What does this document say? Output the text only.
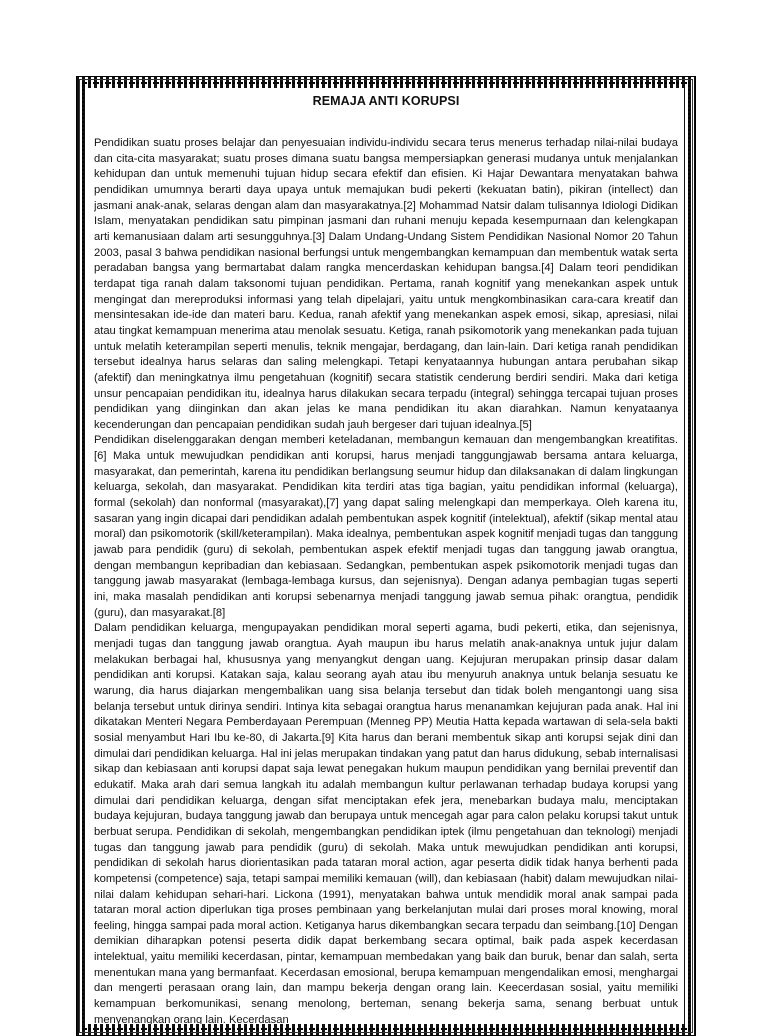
REMAJA ANTI KORUPSI

Pendidikan suatu proses belajar dan penyesuaian individu-individu secara terus menerus terhadap nilai-nilai budaya dan cita-cita masyarakat; suatu proses dimana suatu bangsa mempersiapkan generasi mudanya untuk menjalankan kehidupan dan untuk memenuhi tujuan hidup secara efektif dan efisien. Ki Hajar Dewantara menyatakan bahwa pendidikan umumnya berarti daya upaya untuk memajukan budi pekerti (kekuatan batin), pikiran (intellect) dan jasmani anak-anak, selaras dengan alam dan masyarakatnya.[2] Mohammad Natsir dalam tulisannya Idiologi Didikan Islam, menyatakan pendidikan satu pimpinan jasmani dan ruhani menuju kepada kesempurnaan dan kelengkapan arti kemanusiaan dalam arti sesungguhnya.[3] Dalam Undang-Undang Sistem Pendidikan Nasional Nomor 20 Tahun 2003, pasal 3 bahwa pendidikan nasional berfungsi untuk mengembangkan kemampuan dan membentuk watak serta peradaban bangsa yang bermartabat dalam rangka mencerdaskan kehidupan bangsa.[4] Dalam teori pendidikan terdapat tiga ranah dalam taksonomi tujuan pendidikan. Pertama, ranah kognitif yang menekankan aspek untuk mengingat dan mereproduksi informasi yang telah dipelajari, yaitu untuk mengkombinasikan cara-cara kreatif dan mensintesakan ide-ide dan materi baru. Kedua, ranah afektif yang menekankan aspek emosi, sikap, apresiasi, nilai atau tingkat kemampuan menerima atau menolak sesuatu. Ketiga, ranah psikomotorik yang menekankan pada tujuan untuk melatih keterampilan seperti menulis, teknik mengajar, berdagang, dan lain-lain. Dari ketiga ranah pendidikan tersebut idealnya harus selaras dan saling melengkapi. Tetapi kenyataannya hubungan antara perubahan sikap (afektif) dan meningkatnya ilmu pengetahuan (kognitif) secara statistik cenderung berdiri sendiri. Maka dari ketiga unsur pencapaian pendidikan itu, idealnya harus dilakukan secara terpadu (integral) sehingga tercapai tujuan proses pendidikan yang diinginkan dan akan jelas ke mana pendidikan itu akan diarahkan. Namun kenyataanya kecenderungan dan pencapaian pendidikan sudah jauh bergeser dari tujuan idealnya.[5]

Pendidikan diselenggarakan dengan memberi keteladanan, membangun kemauan dan mengembangkan kreatifitas.[6] Maka untuk mewujudkan pendidikan anti korupsi, harus menjadi tanggungjawab bersama antara keluarga, masyarakat, dan pemerintah, karena itu pendidikan berlangsung seumur hidup dan dilaksanakan di dalam lingkungan keluarga, sekolah, dan masyarakat. Pendidikan kita terdiri atas tiga bagian, yaitu pendidikan informal (keluarga), formal (sekolah) dan nonformal (masyarakat),[7] yang dapat saling melengkapi dan memperkaya. Oleh karena itu, sasaran yang ingin dicapai dari pendidikan adalah pembentukan aspek kognitif (intelektual), afektif (sikap mental atau moral) dan psikomotorik (skill/keterampilan). Maka idealnya, pembentukan aspek kognitif menjadi tugas dan tanggung jawab para pendidik (guru) di sekolah, pembentukan aspek efektif menjadi tugas dan tanggung jawab orangtua, dengan membangun kepribadian dan kebiasaan. Sedangkan, pembentukan aspek psikomotorik menjadi tugas dan tanggung jawab masyarakat (lembaga-lembaga kursus, dan sejenisnya). Dengan adanya pembagian tugas seperti ini, maka masalah pendidikan anti korupsi sebenarnya menjadi tanggung jawab semua pihak: orangtua, pendidik (guru), dan masyarakat.[8]

Dalam pendidikan keluarga, mengupayakan pendidikan moral seperti agama, budi pekerti, etika, dan sejenisnya, menjadi tugas dan tanggung jawab orangtua. Ayah maupun ibu harus melatih anak-anaknya untuk jujur dalam melakukan berbagai hal, khususnya yang menyangkut dengan uang. Kejujuran merupakan prinsip dasar dalam pendidikan anti korupsi. Katakan saja, kalau seorang ayah atau ibu menyuruh anaknya untuk belanja sesuatu ke warung, dia harus diajarkan mengembalikan uang sisa belanja tersebut dan tidak boleh mengantongi uang sisa belanja tersebut untuk dirinya sendiri. Intinya kita sebagai orangtua harus menanamkan kejujuran pada anak. Hal ini dikatakan Menteri Negara Pemberdayaan Perempuan (Menneg PP) Meutia Hatta kepada wartawan di sela-sela bakti sosial menyambut Hari Ibu ke-80, di Jakarta.[9] Kita harus dan berani membentuk sikap anti korupsi sejak dini dan dimulai dari pendidikan keluarga. Hal ini jelas merupakan tindakan yang patut dan harus didukung, sebab internalisasi sikap dan kebiasaan anti korupsi dapat saja lewat penegakan hukum maupun pendidikan yang bernilai preventif dan edukatif. Maka arah dari semua langkah itu adalah membangun kultur perlawanan terhadap budaya korupsi yang dimulai dari pendidikan keluarga, dengan sifat menciptakan efek jera, menebarkan budaya malu, menciptakan budaya kejujuran, budaya tanggung jawab dan berupaya untuk mencegah agar para calon pelaku korupsi takut untuk berbuat serupa. Pendidikan di sekolah, mengembangkan pendidikan iptek (ilmu pengetahuan dan teknologi) menjadi tugas dan tanggung jawab para pendidik (guru) di sekolah. Maka untuk mewujudkan pendidikan anti korupsi, pendidikan di sekolah harus diorientasikan pada tataran moral action, agar peserta didik tidak hanya berhenti pada kompetensi (competence) saja, tetapi sampai memiliki kemauan (will), dan kebiasaan (habit) dalam mewujudkan nilai-nilai dalam kehidupan sehari-hari. Lickona (1991), menyatakan bahwa untuk mendidik moral anak sampai pada tataran moral action diperlukan tiga proses pembinaan yang berkelanjutan mulai dari proses moral knowing, moral feeling, hingga sampai pada moral action. Ketiganya harus dikembangkan secara terpadu dan seimbang.[10] Dengan demikian diharapkan potensi peserta didik dapat berkembang secara optimal, baik pada aspek kecerdasan intelektual, yaitu memiliki kecerdasan, pintar, kemampuan membedakan yang baik dan buruk, benar dan salah, serta menentukan mana yang bermanfaat. Kecerdasan emosional, berupa kemampuan mengendalikan emosi, menghargai dan mengerti perasaan orang lain, dan mampu bekerja dengan orang lain. Keecerdasan sosial, yaitu memiliki kemampuan berkomunikasi, senang menolong, berteman, senang bekerja sama, senang berbuat untuk menyenangkan orang lain. Kecerdasan
